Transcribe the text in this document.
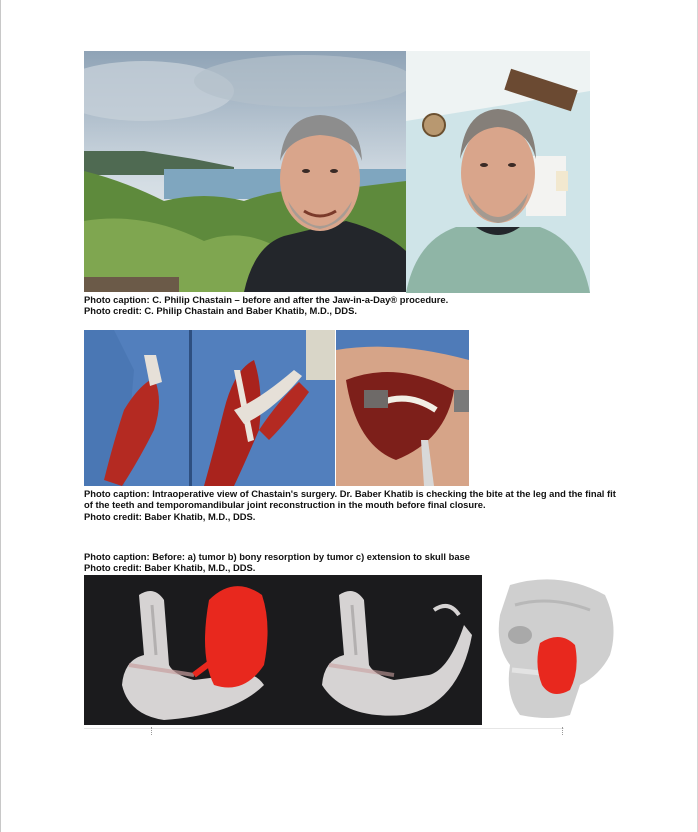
Photo caption: C. Philip Chastain – before and after the Jaw-in-a-Day® procedure.
Photo credit: C. Philip Chastain and Baber Khatib, M.D., DDS.
Photo caption: Intraoperative view of Chastain's surgery. Dr. Baber Khatib is checking the bite at the leg and the final fit of the teeth and temporomandibular joint reconstruction in the mouth before final closure.
Photo credit: Baber Khatib, M.D., DDS.
Photo caption: Before: a) tumor b) bony resorption by tumor c) extension to skull base
Photo credit: Baber Khatib, M.D., DDS.
